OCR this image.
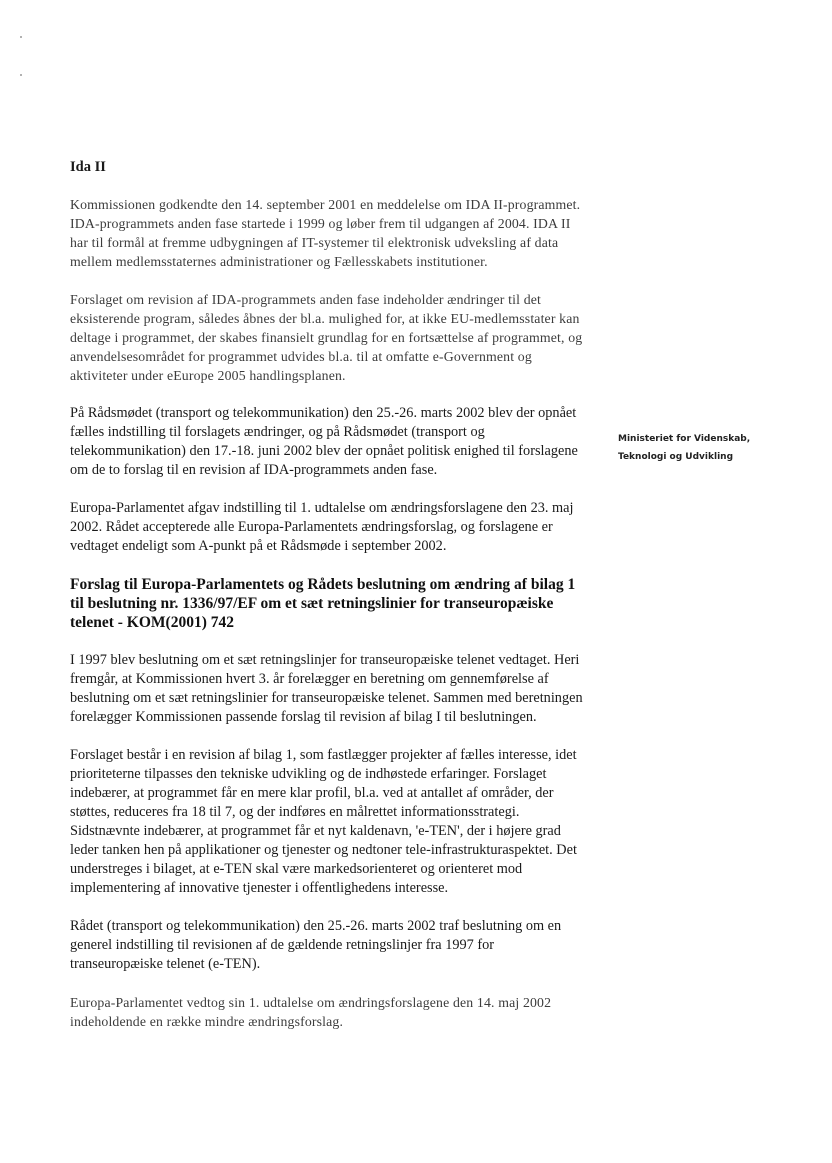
Ida II

Kommissionen godkendte den 14. september 2001 en meddelelse om IDA II-programmet. IDA-programmets anden fase startede i 1999 og løber frem til udgangen af 2004. IDA II har til formål at fremme udbygningen af IT-systemer til elektronisk udveksling af data mellem medlemsstaternes administrationer og Fællesskabets institutioner.

Forslaget om revision af IDA-programmets anden fase indeholder ændringer til det eksisterende program, således åbnes der bl.a. mulighed for, at ikke EU-medlemsstater kan deltage i programmet, der skabes finansielt grundlag for en fortsættelse af programmet, og anvendelsesområdet for programmet udvides bl.a. til at omfatte e-Government og aktiviteter under eEurope 2005 handlingsplanen.

På Rådsmødet (transport og telekommunikation) den 25.-26. marts 2002 blev der opnået fælles indstilling til forslagets ændringer, og på Rådsmødet (transport og telekommunikation) den 17.-18. juni 2002 blev der opnået politisk enighed til forslagene om de to forslag til en revision af IDA-programmets anden fase.

Europa-Parlamentet afgav indstilling til 1. udtalelse om ændringsforslagene den 23. maj 2002. Rådet accepterede alle Europa-Parlamentets ændringsforslag, og forslagene er vedtaget endeligt som A-punkt på et Rådsmøde i september 2002.

Forslag til Europa-Parlamentets og Rådets beslutning om ændring af bilag 1 til beslutning nr. 1336/97/EF om et sæt retningslinier for transeuropæiske telenet - KOM(2001) 742

I 1997 blev beslutning om et sæt retningslinjer for transeuropæiske telenet vedtaget. Heri fremgår, at Kommissionen hvert 3. år forelægger en beretning om gennemførelse af beslutning om et sæt retningslinier for transeuropæiske telenet. Sammen med beretningen forelægger Kommissionen passende forslag til revision af bilag I til beslutningen.

Forslaget består i en revision af bilag 1, som fastlægger projekter af fælles interesse, idet prioriteterne tilpasses den tekniske udvikling og de indhøstede erfaringer. Forslaget indebærer, at programmet får en mere klar profil, bl.a. ved at antallet af områder, der støttes, reduceres fra 18 til 7, og der indføres en målrettet informationsstrategi. Sidstnævnte indebærer, at programmet får et nyt kaldenavn, 'e-TEN', der i højere grad leder tanken hen på applikationer og tjenester og nedtoner tele-infrastrukturaspektet. Det understreges i bilaget, at e-TEN skal være markedsorienteret og orienteret mod implementering af innovative tjenester i offentlighedens interesse.

Rådet (transport og telekommunikation) den 25.-26. marts 2002 traf beslutning om en generel indstilling til revisionen af de gældende retningslinjer fra 1997 for transeuropæiske telenet (e-TEN).

Europa-Parlamentet vedtog sin 1. udtalelse om ændringsforslagene den 14. maj 2002 indeholdende en række mindre ændringsforslag.

Ministeriet for Videnskab,
Teknologi og Udvikling
